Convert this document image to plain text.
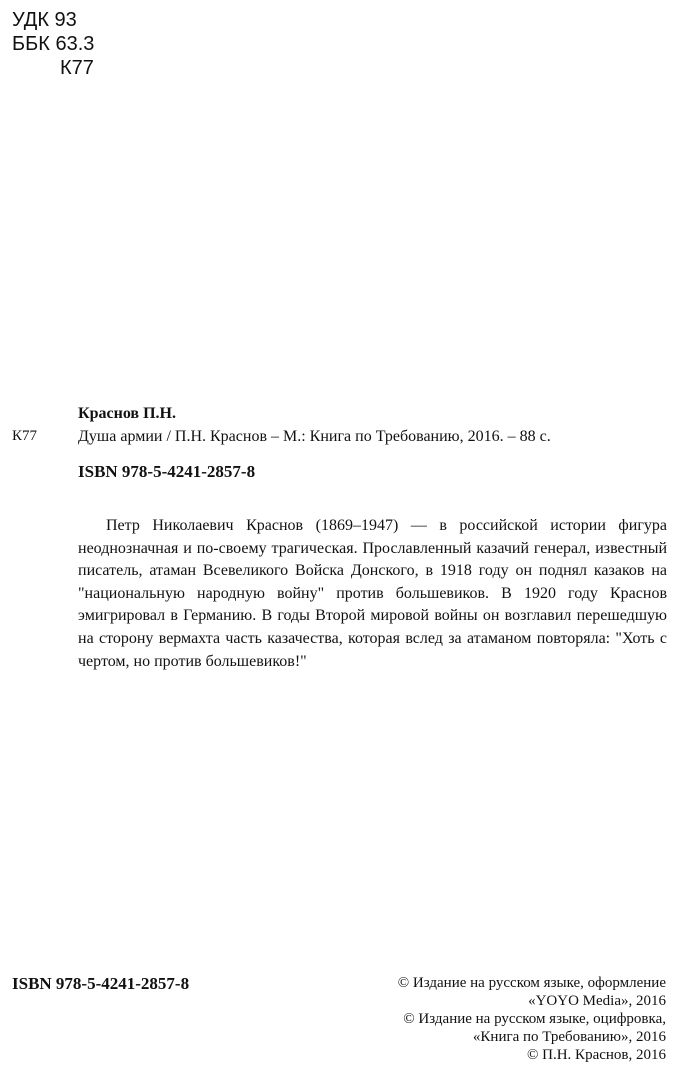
УДК 93
ББК 63.3
К77
К77
Краснов П.Н.
Душа армии / П.Н. Краснов – М.: Книга по Требованию, 2016. – 88 с.
ISBN 978-5-4241-2857-8

Петр Николаевич Краснов (1869–1947) — в российской истории фигура неоднозначная и по-своему трагическая. Прославленный казачий генерал, известный писатель, атаман Всевеликого Войска Донского, в 1918 году он поднял казаков на "национальную народную войну" против большевиков. В 1920 году Краснов эмигрировал в Германию. В годы Второй мировой войны он возглавил перешедшую на сторону вермахта часть казачества, которая вслед за атаманом повторяла: "Хоть с чертом, но против большевиков!"

ISBN 978-5-4241-2857-8	© Издание на русском языке, оформление
«YOYO Media», 2016
© Издание на русском языке, оцифровка,
«Книга по Требованию», 2016
© П.Н. Краснов, 2016
